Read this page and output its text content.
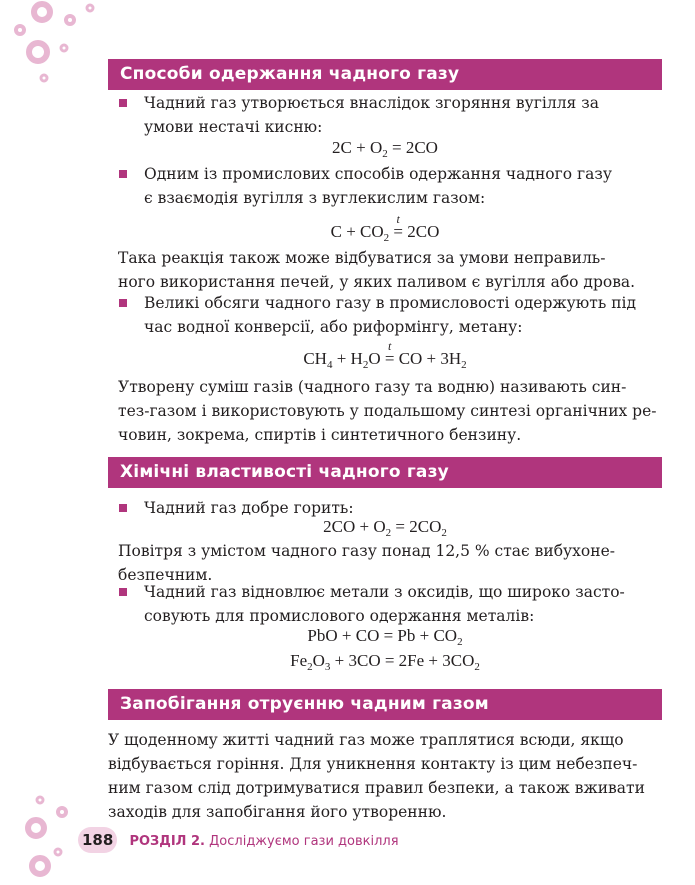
Способи одержання чадного газу
Чадний газ утворюється внаслідок згоряння вугілля за
умови нестачі кисню:
$2C + O_2 = 2CO$
Одним із промислових способів одержання чадного газу
є взаємодія вугілля з вуглекислим газом:
$C + CO_2$
t
= 2CO
Така реакція також може відбуватися за умови неправиль-
ного використання печей, у яких паливом є вугілля або дрова.
Великі обсяги чадного газу в промисловості одержують під
час водної конверсії, або риформінгу, метану:
$CH_4 + H_2O$
t
= CO + $3H_2$
Утворену суміш газів (чадного газу та водню) називають син-
тез-газом і використовують у подальшому синтезі органічних ре-
човин, зокрема, спиртів і синтетичного бензину.
Хімічні властивості чадного газу
Чадний газ добре горить:
$2CO + O_2 = 2CO_2$
Повітря з умістом чадного газу понад 12,5 % стає вибухоне-
безпечним.
Чадний газ відновлює метали з оксидів, що широко засто-
совують для промислового одержання металів:
PbO + CO = $Pb + CO_2$
$Fe_2O_3 + 3CO = 2Fe + 3CO_2$
Запобігання отруєнню чадним газом
У щоденному житті чадний газ може траплятися всюди, якщо
відбувається горіння. Для уникнення контакту із цим небезпеч-
ним газом слід дотримуватися правил безпеки, а також вживати
заходів для запобігання його утворенню.
188 РОЗДІЛ 2. Досліджуємо гази довкілля
